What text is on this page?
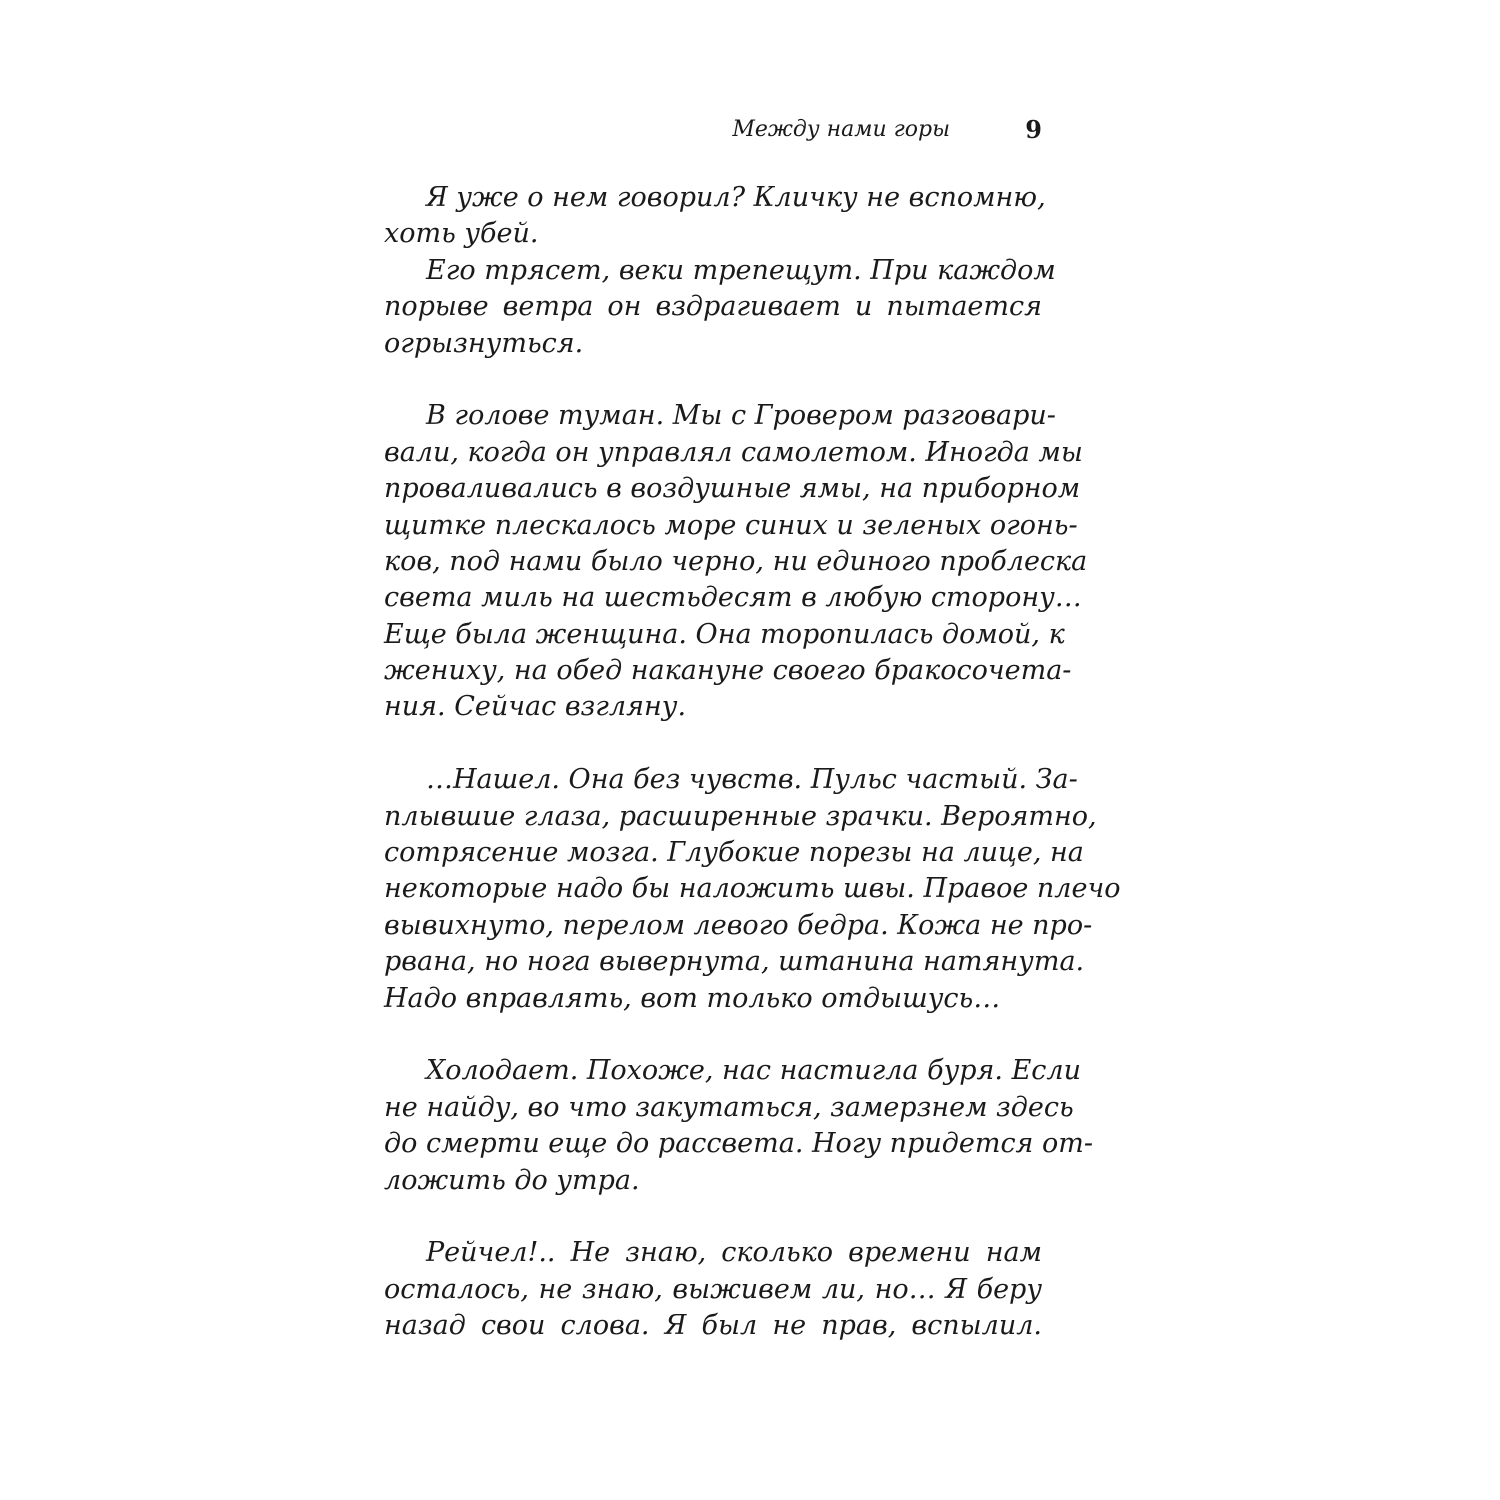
Между нами горы	9
Я уже о нем говорил? Кличку не вспомню,
хоть убей.
Его трясет, веки трепещут. При каждом
порыве ветра он вздрагивает и пытается
огрызнуться.
В голове туман. Мы с Гровером разговари-
вали, когда он управлял самолетом. Иногда мы
проваливались в воздушные ямы, на приборном
щитке плескалось море синих и зеленых огонь-
ков, под нами было черно, ни единого проблеска
света миль на шестьдесят в любую сторону…
Еще была женщина. Она торопилась домой, к
жениху, на обед накануне своего бракосочета-
ния. Сейчас взгляну.
…Нашел. Она без чувств. Пульс частый. За-
плывшие глаза, расширенные зрачки. Вероятно,
сотрясение мозга. Глубокие порезы на лице, на
некоторые надо бы наложить швы. Правое плечо
вывихнуто, перелом левого бедра. Кожа не про-
рвана, но нога вывернута, штанина натянута.
Надо вправлять, вот только отдышусь…
Холодает. Похоже, нас настигла буря. Если
не найду, во что закутаться, замерзнем здесь
до смерти еще до рассвета. Ногу придется от-
ложить до утра.
Рейчел!.. Не знаю, сколько времени нам
осталось, не знаю, выживем ли, но… Я беру
назад свои слова. Я был не прав, вспылил.
